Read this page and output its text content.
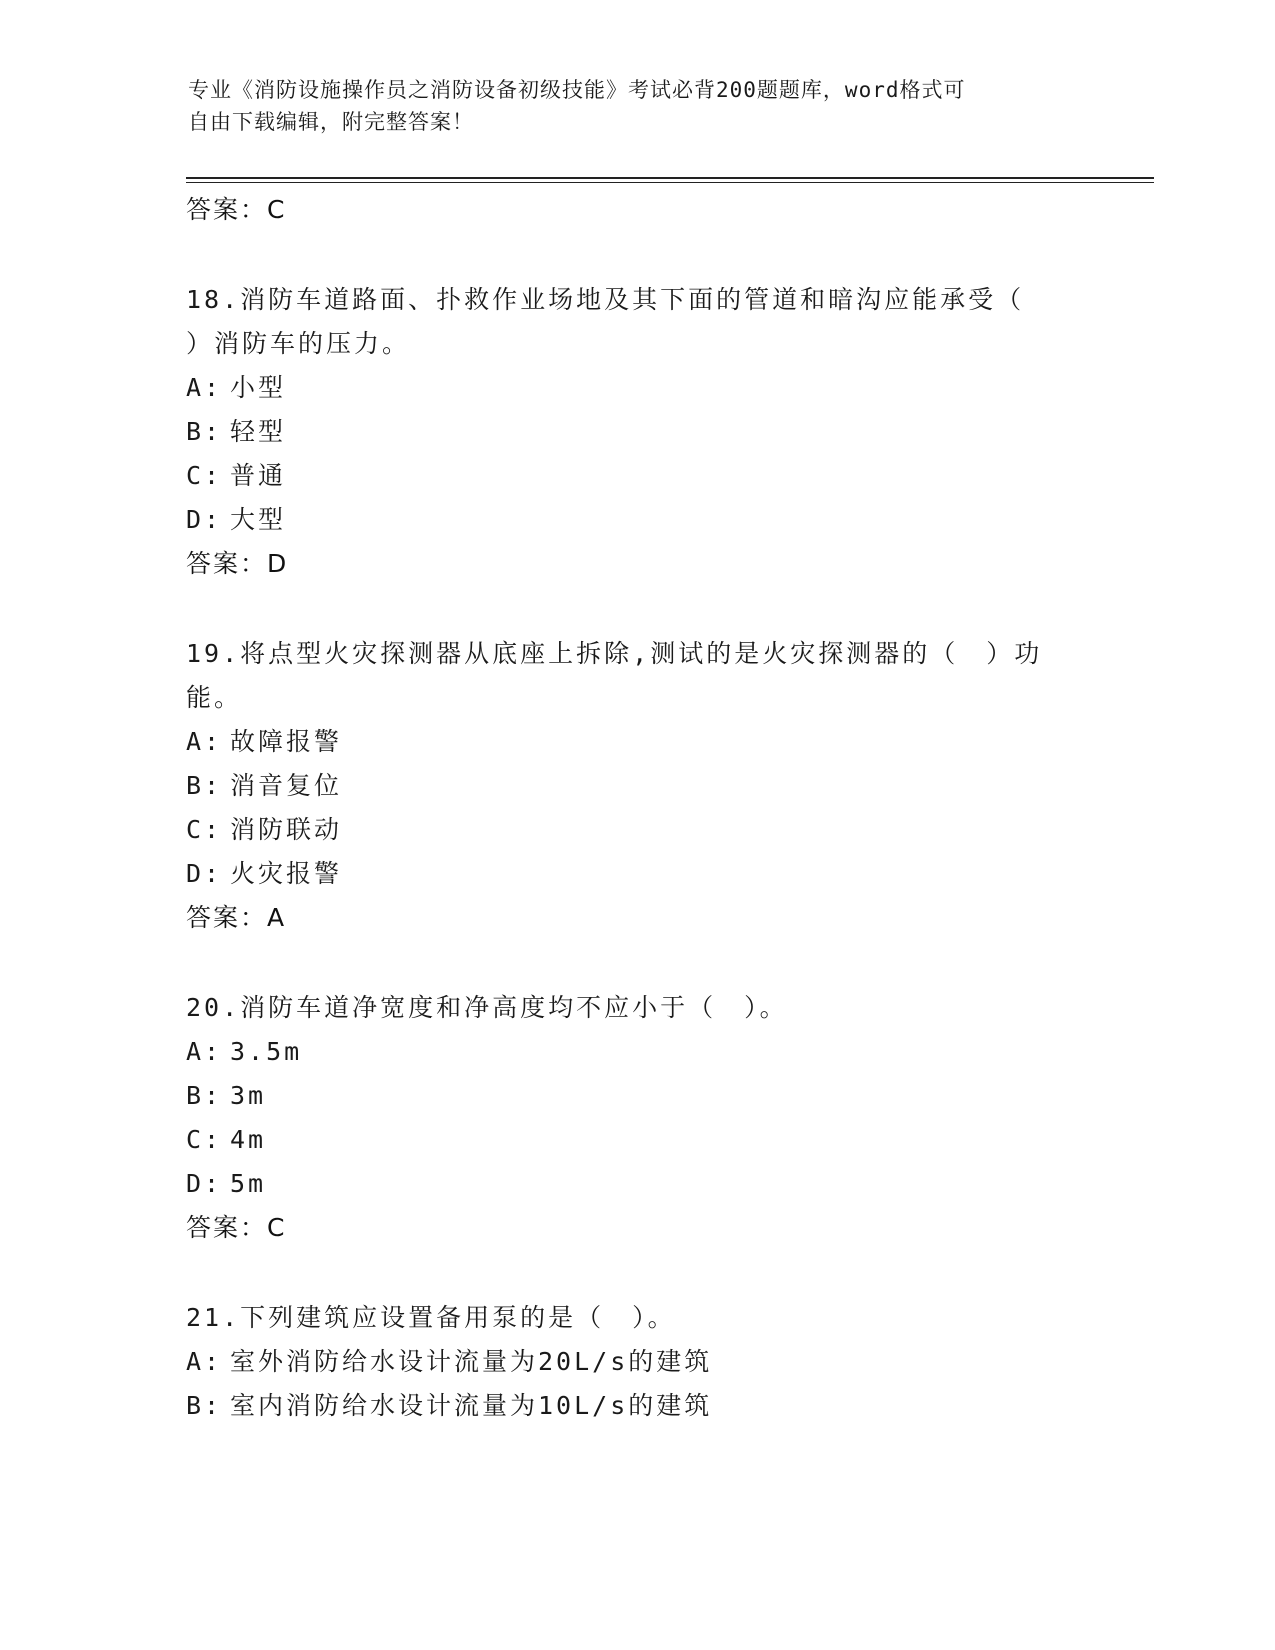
专业《消防设施操作员之消防设备初级技能》考试必背200题题库，word格式可
自由下载编辑，附完整答案！
答案：C
18.消防车道路面、扑救作业场地及其下面的管道和暗沟应能承受（
）消防车的压力。
A: 小型
B: 轻型
C: 普通
D: 大型
答案：D
19.将点型火灾探测器从底座上拆除,测试的是火灾探测器的（　）功
能。
A: 故障报警
B: 消音复位
C: 消防联动
D: 火灾报警
答案：A
20.消防车道净宽度和净高度均不应小于（　）。
A: 3.5m
B: 3m
C: 4m
D: 5m
答案：C
21.下列建筑应设置备用泵的是（　）。
A: 室外消防给水设计流量为20L/s的建筑
B: 室内消防给水设计流量为10L/s的建筑
